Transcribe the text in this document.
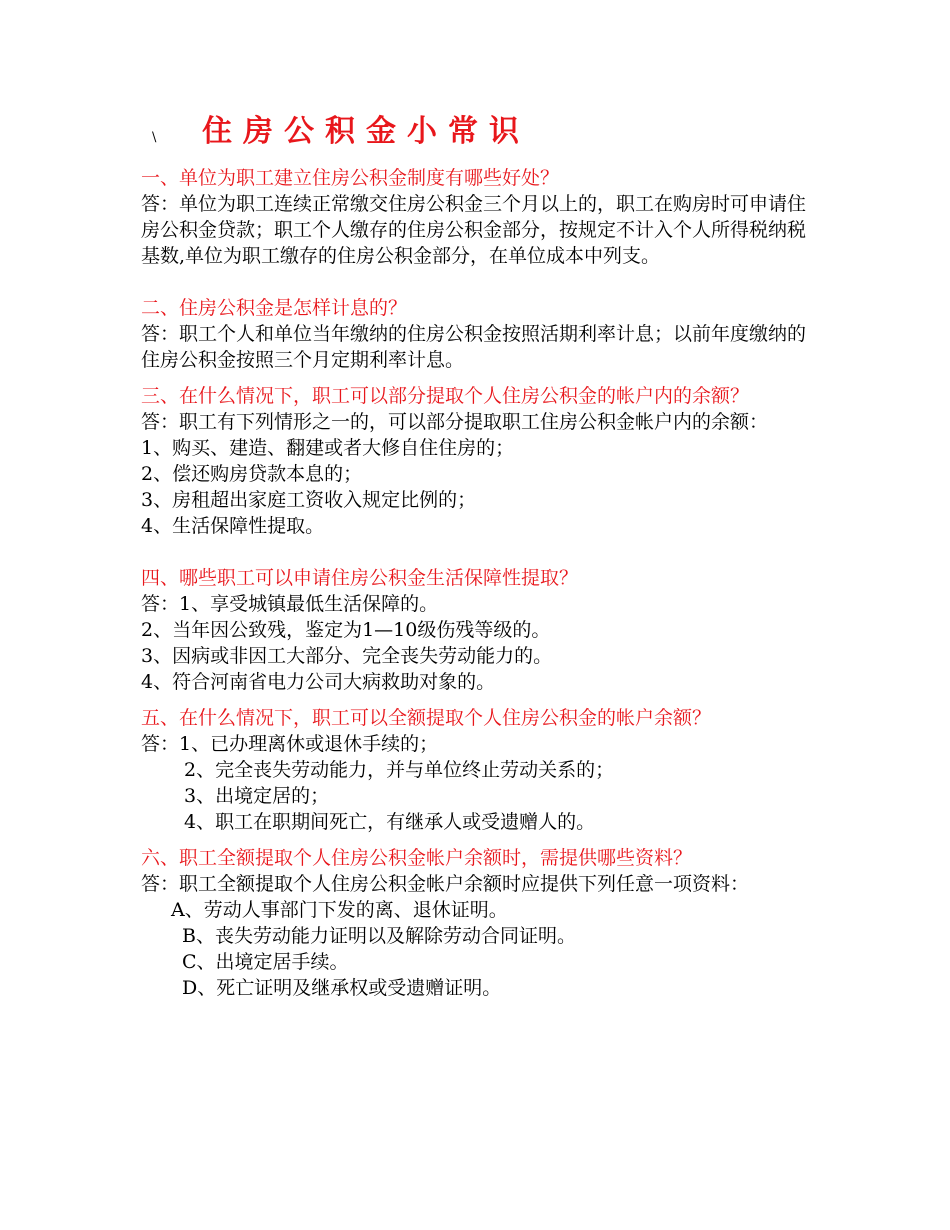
\ 住房公积金小常识
一、单位为职工建立住房公积金制度有哪些好处？
答：单位为职工连续正常缴交住房公积金三个月以上的，职工在购房时可申请住房公积金贷款；职工个人缴存的住房公积金部分，按规定不计入个人所得税纳税基数,单位为职工缴存的住房公积金部分，在单位成本中列支。
二、住房公积金是怎样计息的？
答：职工个人和单位当年缴纳的住房公积金按照活期利率计息；以前年度缴纳的住房公积金按照三个月定期利率计息。
三、在什么情况下，职工可以部分提取个人住房公积金的帐户内的余额？
答：职工有下列情形之一的，可以部分提取职工住房公积金帐户内的余额：
1、购买、建造、翻建或者大修自住住房的；
2、偿还购房贷款本息的；
3、房租超出家庭工资收入规定比例的；
4、生活保障性提取。
四、哪些职工可以申请住房公积金生活保障性提取？
答：1、享受城镇最低生活保障的。
2、当年因公致残，鉴定为1—10级伤残等级的。
3、因病或非因工大部分、完全丧失劳动能力的。
4、符合河南省电力公司大病救助对象的。
五、在什么情况下，职工可以全额提取个人住房公积金的帐户余额？
答：1、已办理离休或退休手续的；
2、完全丧失劳动能力，并与单位终止劳动关系的；
3、出境定居的；
4、职工在职期间死亡，有继承人或受遗赠人的。
六、职工全额提取个人住房公积金帐户余额时，需提供哪些资料？
答：职工全额提取个人住房公积金帐户余额时应提供下列任意一项资料：
A、劳动人事部门下发的离、退休证明。
B、丧失劳动能力证明以及解除劳动合同证明。
C、出境定居手续。
D、死亡证明及继承权或受遗赠证明。
